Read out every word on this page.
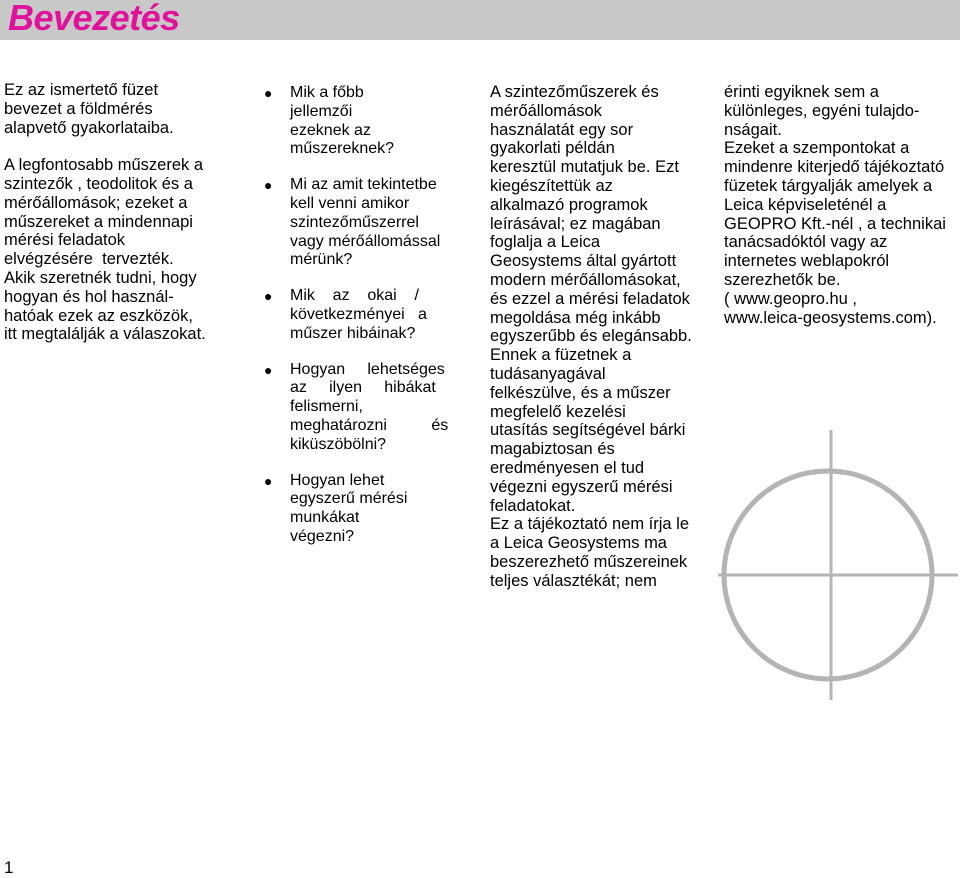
Bevezetés

Ez az ismertető füzet
bevezet a földmérés
alapvető gyakorlataiba.

A legfontosabb műszerek a
szintezők , teodolitok és a
mérőállomások; ezeket a
műszereket a mindennapi
mérési feladatok
elvégzésére  tervezték.
Akik szeretnék tudni, hogy
hogyan és hol használ-
hatóak ezek az eszközök,
itt megtalálják a válaszokat.

● Mik a főbb
jellemzői
ezeknek az
műszereknek?
● Mi az amit tekintetbe
kell venni amikor
szintezőműszerrel
vagy mérőállomással
mérünk?
● Mik    az    okai    /
következményei   a
műszer hibáinak?
● Hogyan     lehetséges
az     ilyen     hibákat
felismerni,
meghatározni          és
kiküszöbölni?
● Hogyan lehet
egyszerű mérési
munkákat
végezni?

A szintezőműszerek és
mérőállomások
használatát egy sor
gyakorlati példán
keresztül mutatjuk be. Ezt
kiegészítettük az
alkalmazó programok
leírásával; ez magában
foglalja a Leica
Geosystems által gyártott
modern mérőállomásokat,
és ezzel a mérési feladatok
megoldása még inkább
egyszerűbb és elegánsabb.
Ennek a füzetnek a
tudásanyagával
felkészülve, és a műszer
megfelelő kezelési
utasítás segítségével bárki
magabiztosan és
eredményesen el tud
végezni egyszerű mérési
feladatokat.
Ez a tájékoztató nem írja le
a Leica Geosystems ma
beszerezhető műszereinek
teljes választékát; nem

érinti egyiknek sem a
különleges, egyéni tulajdo-
nságait.
Ezeket a szempontokat a
mindenre kiterjedő tájékoztató
füzetek tárgyalják amelyek a
Leica képviseleténél a
GEOPRO Kft.-nél , a technikai
tanácsadóktól vagy az
internetes weblapokról
szerezhetők be.
( www.geopro.hu ,
www.leica-geosystems.com).

1
